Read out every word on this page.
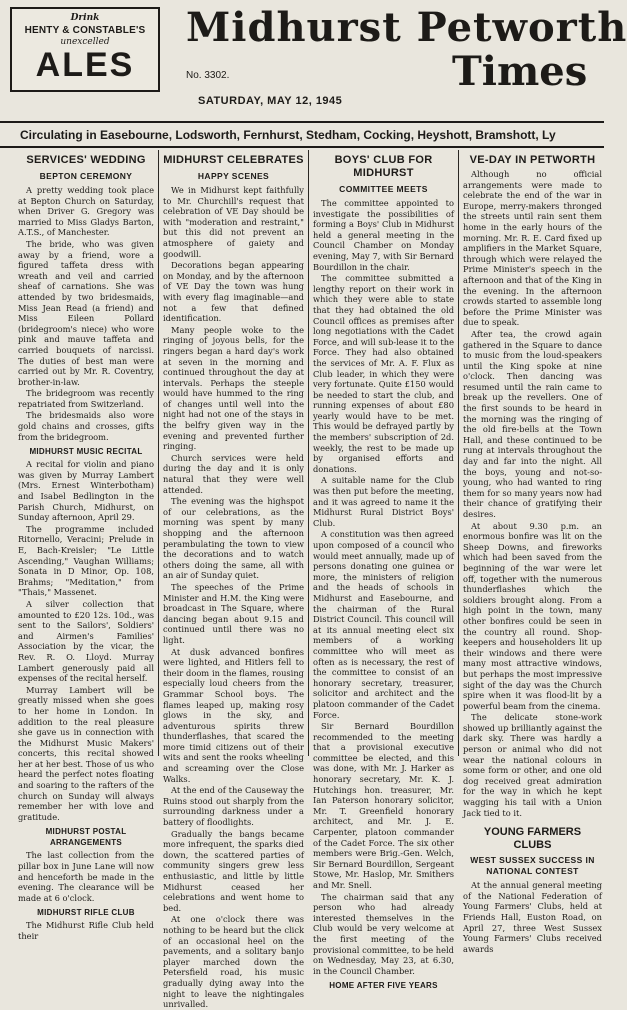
Drink
HENTY & CONSTABLE'S
unexcelled
ALES
Midhurst Petworth
Times
No. 3302.
SATURDAY, MAY 12, 1945
Circulating in Easebourne, Lodsworth, Fernhurst, Stedham, Cocking, Heyshott, Bramshott, Ly
SERVICES' WEDDING
BEPTON CEREMONY

A pretty wedding took place at Bepton Church on Saturday, when Driver G. Gregory was married to Miss Gladys Barton, A.T.S., of Manchester.

The bride, who was given away by a friend, wore a figured taffeta dress with wreath and veil and carried sheaf of carnations. She was attended by two bridesmaids, Miss Jean Read (a friend) and Miss Eileen Pollard (bridegroom's niece) who wore pink and mauve taffeta and carried bouquets of narcissi. The duties of best man were carried out by Mr. R. Coventry, brother-in-law.

The bridegroom was recently repatriated from Switzerland.

The bridesmaids also wore gold chains and crosses, gifts from the bridegroom.

MIDHURST MUSIC RECITAL

A recital for violin and piano was given by Murray Lambert (Mrs. Ernest Winterbotham) and Isabel Bedlington in the Parish Church, Midhurst, on Sunday afternoon, April 29.

The programme included Ritornello, Veracini; Prelude in E, Bach-Kreisler; "Le Little Ascending," Vaughan Williams; Sonata in D Minor, Op. 108, Brahms; "Meditation," from "Thais," Massenet.

A silver collection that amounted to £20 12s. 10d., was sent to the Sailors', Soldiers' and Airmen's Families' Association by the vicar, the Rev. R. O. Lloyd. Murray Lambert generously paid all expenses of the recital herself.

Murray Lambert will be greatly missed when she goes to her home in London. In addition to the real pleasure she gave us in connection with the Midhurst Music Makers' concerts, this recital showed her at her best. Those of us who heard the perfect notes floating and soaring to the rafters of the church on Sunday will always remember her with love and gratitude.

MIDHURST POSTAL
ARRANGEMENTS

The last collection from the pillar box in June Lane will now and henceforth be made in the evening. The clearance will be made at 6 o'clock.

MIDHURST RIFLE CLUB

The Midhurst Rifle Club held their

MIDHURST CELEBRATES
HAPPY SCENES

We in Midhurst kept faithfully to Mr. Churchill's request that celebration of VE Day should be with "moderation and restraint," but this did not prevent an atmosphere of gaiety and goodwill.

Decorations began appearing on Monday, and by the afternoon of VE Day the town was hung with every flag imaginable—and not a few that defined identification.

Many people woke to the ringing of joyous bells, for the ringers began a hard day's work at seven in the morning and continued throughout the day at intervals. Perhaps the steeple would have hummed to the ring of changes until well into the night had not one of the stays in the belfry given way in the evening and prevented further ringing.

Church services were held during the day and it is only natural that they were well attended.

The evening was the highspot of our celebrations, as the morning was spent by many shopping and the afternoon perambulating the town to view the decorations and to watch others doing the same, all with an air of Sunday quiet.

The speeches of the Prime Minister and H.M. the King were broadcast in The Square, where dancing began about 9.15 and continued until there was no light.

At dusk advanced bonfires were lighted, and Hitlers fell to their doom in the flames, rousing especially loud cheers from the Grammar School boys. The flames leaped up, making rosy glows in the sky, and adventurous spirits threw thunderflashes, that scared the more timid citizens out of their wits and sent the rooks wheeling and screaming over the Close Walks.

At the end of the Causeway the Ruins stood out sharply from the surrounding darkness under a battery of floodlights.

Gradually the bangs became more infrequent, the sparks died down, the scattered parties of community singers grew less enthusiastic, and little by little Midhurst ceased her celebrations and went home to bed.

At one o'clock there was nothing to be heard but the click of an occasional heel on the pavements, and a solitary banjo player marched down the Petersfield road, his music gradually dying away into the night to leave the nightingales unrivalled.

BOYS' CLUB FOR
MIDHURST
COMMITTEE MEETS

The committee appointed to investigate the possibilities of forming a Boys' Club in Midhurst held a general meeting in the Council Chamber on Monday evening, May 7, with Sir Bernard Bourdillon in the chair.

The committee submitted a lengthy report on their work in which they were able to state that they had obtained the old Council offices as premises after long negotiations with the Cadet Force, and will sub-lease it to the Force. They had also obtained the services of Mr. A. F. Flux as Club leader, in which they were very fortunate. Quite £150 would be needed to start the club, and running expenses of about £80 yearly would have to be met. This would be defrayed partly by the members' subscription of 2d. weekly, the rest to be made up by organised efforts and donations.

A suitable name for the Club was then put before the meeting, and it was agreed to name it the Midhurst Rural District Boys' Club.

A constitution was then agreed upon composed of a council who would meet annually, made up of persons donating one guinea or more, the ministers of religion and the heads of schools in Midhurst and Easebourne, and the chairman of the Rural District Council. This council will at its annual meeting elect six members of a working committee who will meet as often as is necessary, the rest of the committee to consist of an honorary secretary, treasurer, solicitor and architect and the platoon commander of the Cadet Force.

Sir Bernard Bourdillon recommended to the meeting that a provisional executive committee be elected, and this was done, with Mr. J. Harker as honorary secretary, Mr. K. J. Hutchings hon. treasurer, Mr. Ian Paterson honorary solicitor, Mr. T. Greenfield honorary architect, and Mr. J. E. Carpenter, platoon commander of the Cadet Force. The six other members were Brig.-Gen. Welch, Sir Bernard Bourdillon, Sergeant Stowe, Mr. Haslop, Mr. Smithers and Mr. Snell.

The chairman said that any person who had already interested themselves in the Club would be very welcome at the first meeting of the provisional committee, to be held on Wednesday, May 23, at 6.30, in the Council Chamber.

HOME AFTER FIVE YEARS
VE-DAY IN PETWORTH

Although no official arrangements were made to celebrate the end of the war in Europe, merry-makers thronged the streets until rain sent them home in the early hours of the morning. Mr. R. E. Card fixed up amplifiers in the Market Square, through which were relayed the Prime Minister's speech in the afternoon and that of the King in the evening. In the afternoon crowds started to assemble long before the Prime Minister was due to speak.

After tea, the crowd again gathered in the Square to dance to music from the loud-speakers until the King spoke at nine o'clock. Then dancing was resumed until the rain came to break up the revellers. One of the first sounds to be heard in the morning was the ringing of the old fire-bells at the Town Hall, and these continued to be rung at intervals throughout the day and far into the night. All the boys, young and not-so-young, who had wanted to ring them for so many years now had their chance of gratifying their desires.

At about 9.30 p.m. an enormous bonfire was lit on the Sheep Downs, and fireworks which had been saved from the beginning of the war were let off, together with the numerous thunderflashes which the soldiers brought along. From a high point in the town, many other bonfires could be seen in the country all round. Shop-keepers and householders lit up their windows and there were many most attractive windows, but perhaps the most impressive sight of the day was the Church spire when it was flood-lit by a powerful beam from the cinema.

The delicate stone-work showed up brilliantly against the dark sky. There was hardly a person or animal who did not wear the national colours in some form or other, and one old dog received great admiration for the way in which he kept wagging his tail with a Union Jack tied to it.

YOUNG FARMERS
CLUBS
WEST SUSSEX SUCCESS IN
NATIONAL CONTEST

At the annual general meeting of the National Federation of Young Farmers' Clubs, held at Friends Hall, Euston Road, on April 27, three West Sussex Young Farmers' Clubs received awards
